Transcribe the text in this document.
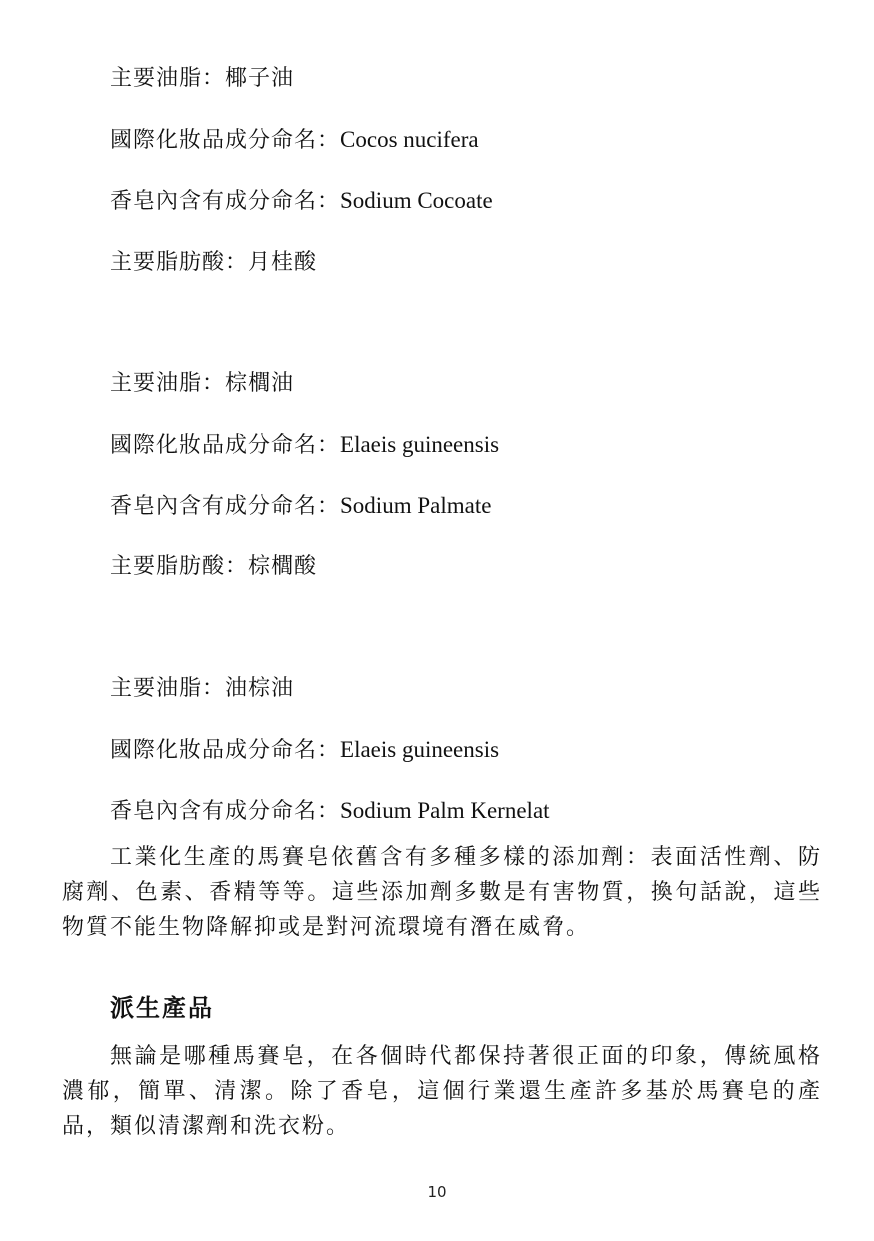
主要油脂：椰子油
國際化妝品成分命名：Cocos nucifera
香皂內含有成分命名：Sodium Cocoate
主要脂肪酸：月桂酸
主要油脂：棕櫚油
國際化妝品成分命名：Elaeis guineensis
香皂內含有成分命名：Sodium Palmate
主要脂肪酸：棕櫚酸
主要油脂：油棕油
國際化妝品成分命名：Elaeis guineensis
香皂內含有成分命名：Sodium Palm Kernelat

工業化生產的馬賽皂依舊含有多種多樣的添加劑：表面活性劑、防腐劑、色素、香精等等。這些添加劑多數是有害物質，換句話說，這些物質不能生物降解抑或是對河流環境有潛在威脅。

派生產品

無論是哪種馬賽皂，在各個時代都保持著很正面的印象，傳統風格濃郁，簡單、清潔。除了香皂，這個行業還生產許多基於馬賽皂的產品，類似清潔劑和洗衣粉。

10
